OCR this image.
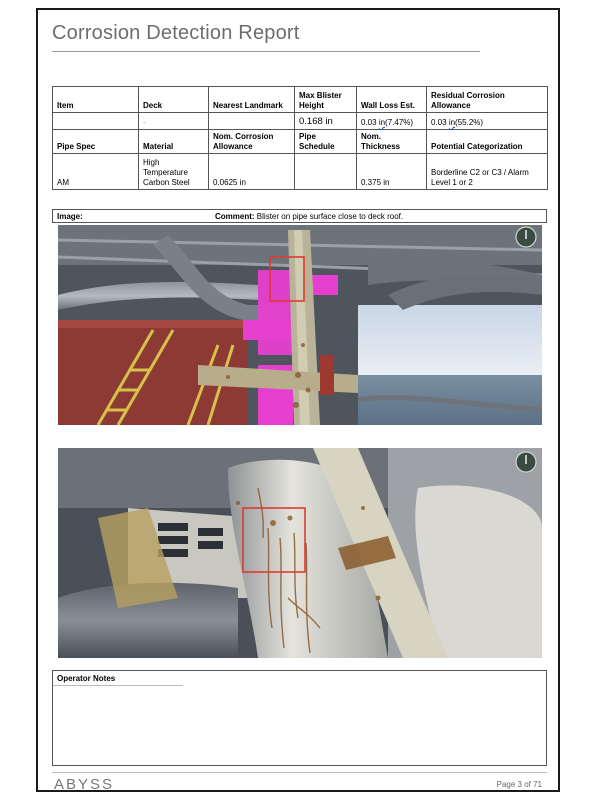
Corrosion Detection Report
Item	Deck	Nearest Landmark	Max Blister Height	Wall Loss Est.	Residual Corrosion Allowance
	-		0.168 in	0.03 in(7.47%)	0.03 in(55.2%)
Pipe Spec	Material	Nom. Corrosion Allowance	Pipe Schedule	Nom. Thickness	Potential Categorization
AM	High Temperature Carbon Steel	0.0625 in		0.375 in	Borderline C2 or C3 / Alarm Level 1 or 2
Image:	Comment: Blister on pipe surface close to deck roof.
Operator Notes
ABYSS	Page 3 of 71
